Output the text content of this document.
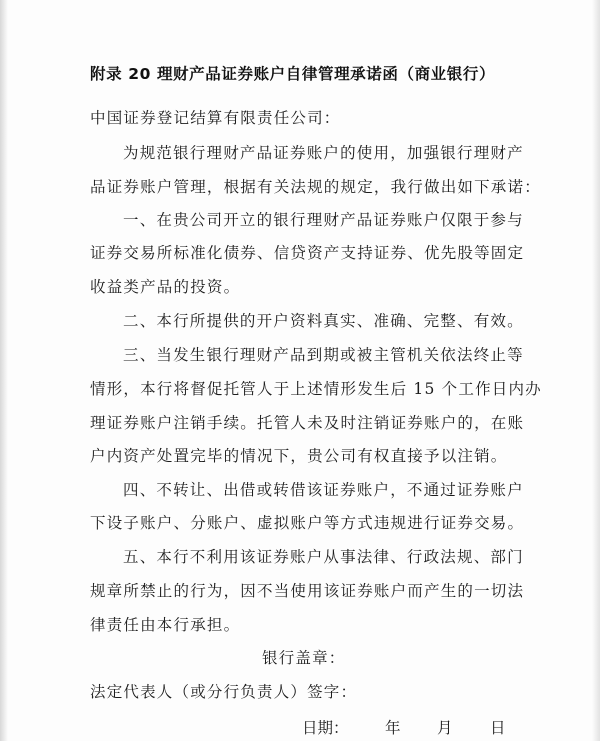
附录 20 理财产品证券账户自律管理承诺函（商业银行）
中国证券登记结算有限责任公司：
为规范银行理财产品证券账户的使用，加强银行理财产
品证券账户管理，根据有关法规的规定，我行做出如下承诺：
一、在贵公司开立的银行理财产品证券账户仅限于参与
证券交易所标准化债券、信贷资产支持证券、优先股等固定
收益类产品的投资。
二、本行所提供的开户资料真实、准确、完整、有效。
三、当发生银行理财产品到期或被主管机关依法终止等
情形，本行将督促托管人于上述情形发生后 15 个工作日内办
理证券账户注销手续。托管人未及时注销证券账户的，在账
户内资产处置完毕的情况下，贵公司有权直接予以注销。
四、不转让、出借或转借该证券账户，不通过证券账户
下设子账户、分账户、虚拟账户等方式违规进行证券交易。
五、本行不利用该证券账户从事法律、行政法规、部门
规章所禁止的行为，因不当使用该证券账户而产生的一切法
律责任由本行承担。
银行盖章：
法定代表人（或分行负责人）签字：
日期： 年 月 日
